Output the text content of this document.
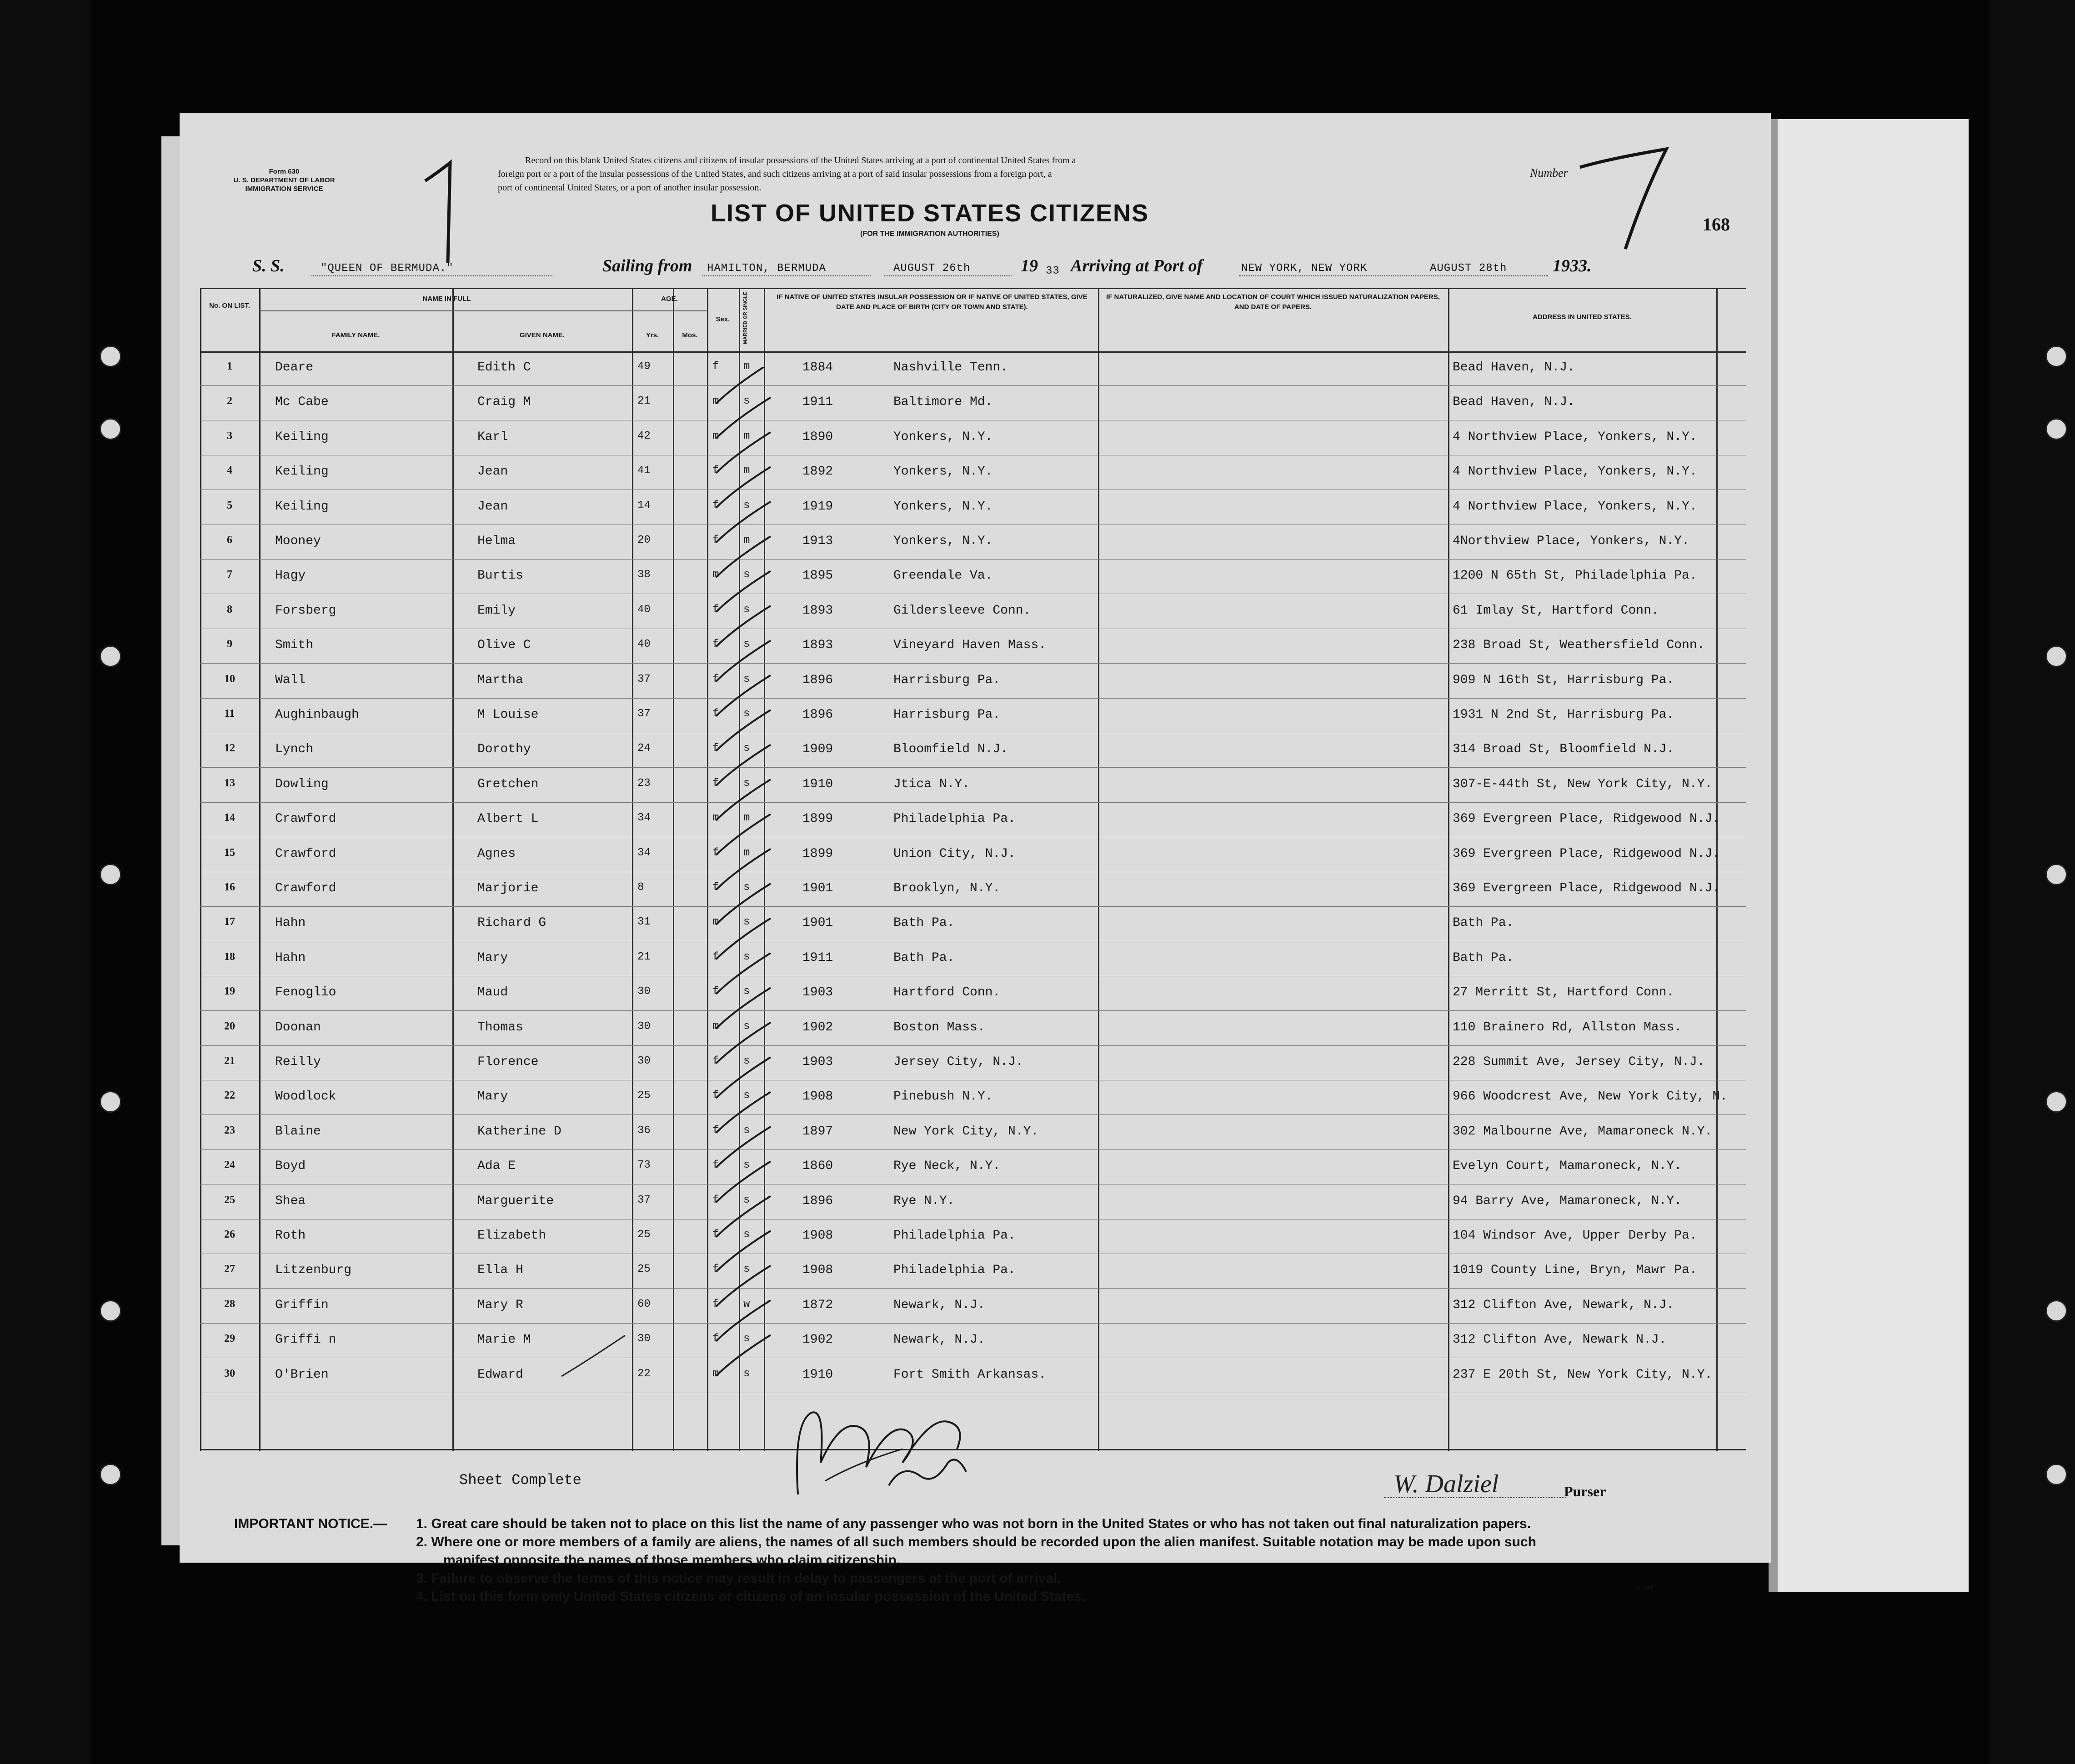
Form 630
U. S. DEPARTMENT OF LABOR
IMMIGRATION SERVICE
Record on this blank United States citizens and citizens of insular possessions of the United States arriving at a port of continental United States from a
foreign port or a port of the insular possessions of the United States, and such citizens arriving at a port of said insular possessions from a foreign port, a
port of continental United States, or a port of another insular possession.
Number
LIST OF UNITED STATES CITIZENS
(FOR THE IMMIGRATION AUTHORITIES)	168
S. S.	"QUEEN OF BERMUDA."	Sailing from HAMILTON, BERMUDA	AUGUST 26th	19 33 Arriving at Port of	NEW YORK, NEW YORK	AUGUST 28th	1933.
No. ON LIST.
NAME IN FULL
FAMILY NAME.	GIVEN NAME.
AGE.
Yrs.	Mos.
Sex.	MARRIED OR SINGLE	IF NATIVE OF UNITED STATES INSULAR POSSESSION OR IF NATIVE OF UNITED STATES, GIVE DATE AND PLACE OF BIRTH (CITY OR TOWN AND STATE).
IF NATURALIZED, GIVE NAME AND LOCATION OF COURT WHICH ISSUED NATURALIZATION PAPERS, AND DATE OF PAPERS.
ADDRESS IN UNITED STATES.
1	Deare	Edith C	49	f m	1884	Nashville Tenn.	Bead Haven, N.J.
2	Mc Cabe	Craig M	21	m s	1911	Baltimore Md.	Bead Haven, N.J.
3	Keiling	Karl	42	m m	1890	Yonkers, N.Y.	4 Northview Place, Yonkers, N.Y.
4	Keiling	Jean	41	f m	1892	Yonkers, N.Y.	4 Northview Place, Yonkers, N.Y.
5	Keiling	Jean	14	f s	1919	Yonkers, N.Y.	4 Northview Place, Yonkers, N.Y.
6	Mooney	Helma	20	f m	1913	Yonkers, N.Y.	4Northview Place, Yonkers, N.Y.
7	Hagy	Burtis	38	m s	1895	Greendale Va.	1200 N 65th St, Philadelphia Pa.
8	Forsberg	Emily	40	f s	1893	Gildersleeve Conn.	61 Imlay St, Hartford Conn.
9	Smith	Olive C	40	f s	1893	Vineyard Haven Mass.	238 Broad St, Weathersfield Conn.
10	Wall	Martha	37	f s	1896	Harrisburg Pa.	909 N 16th St, Harrisburg Pa.
11	Aughinbaugh	M Louise	37	f s	1896	Harrisburg Pa.	1931 N 2nd St, Harrisburg Pa.
12	Lynch	Dorothy	24	f s	1909	Bloomfield N.J.	314 Broad St, Bloomfield N.J.
13	Dowling	Gretchen	23	f s	1910	Jtica N.Y.	307-E-44th St, New York City, N.Y.
14	Crawford	Albert L	34	m m	1899	Philadelphia Pa.	369 Evergreen Place, Ridgewood N.J.
15	Crawford	Agnes	34	f m	1899	Union City, N.J.	369 Evergreen Place, Ridgewood N.J.
16	Crawford	Marjorie	8	f s	1901	Brooklyn, N.Y.	369 Evergreen Place, Ridgewood N.J.
17	Hahn	Richard G	31	m s	1901	Bath Pa.	Bath Pa.
18	Hahn	Mary	21	f s	1911	Bath Pa.	Bath Pa.
19	Fenoglio	Maud	30	f s	1903	Hartford Conn.	27 Merritt St, Hartford Conn.
20	Doonan	Thomas	30	m s	1902	Boston Mass.	110 Brainero Rd, Allston Mass.
21	Reilly	Florence	30	f s	1903	Jersey City, N.J.	228 Summit Ave, Jersey City, N.J.
22	Woodlock	Mary	25	f s	1908	Pinebush N.Y.	966 Woodcrest Ave, New York City, N.
23	Blaine	Katherine D	36	f s	1897	New York City, N.Y.	302 Malbourne Ave, Mamaroneck N.Y.
24	Boyd	Ada E	73	f s	1860	Rye Neck, N.Y.	Evelyn Court, Mamaroneck, N.Y.
25	Shea	Marguerite	37	f s	1896	Rye N.Y.	94 Barry Ave, Mamaroneck, N.Y.
26	Roth	Elizabeth	25	f s	1908	Philadelphia Pa.	104 Windsor Ave, Upper Derby Pa.
27	Litzenburg	Ella H	25	f s	1908	Philadelphia Pa.	1019 County Line, Bryn, Mawr Pa.
28	Griffin	Mary R	60	f w	1872	Newark, N.J.	312 Clifton Ave, Newark, N.J.
29	Griffi n	Marie M	30	f s	1902	Newark, N.J.	312 Clifton Ave, Newark N.J.
30	O'Brien	Edward	22	m s	1910	Fort Smith Arkansas.	237 E 20th St, New York City, N.Y.
Sheet Complete	W. Dalziel	Purser
IMPORTANT NOTICE.— 1. Great care should be taken not to place on this list the name of any passenger who was not born in the United States or who has not taken out final naturalization papers.
2. Where one or more members of a family are aliens, the names of all such members should be recorded upon the alien manifest. Suitable notation may be made upon such
manifest opposite the names of those members who claim citizenship.
3. Failure to observe the terms of this notice may result in delay to passengers at the port of arrival.
4. List on this form only United States citizens or citizens of an insular possession of the United States.
14—800
